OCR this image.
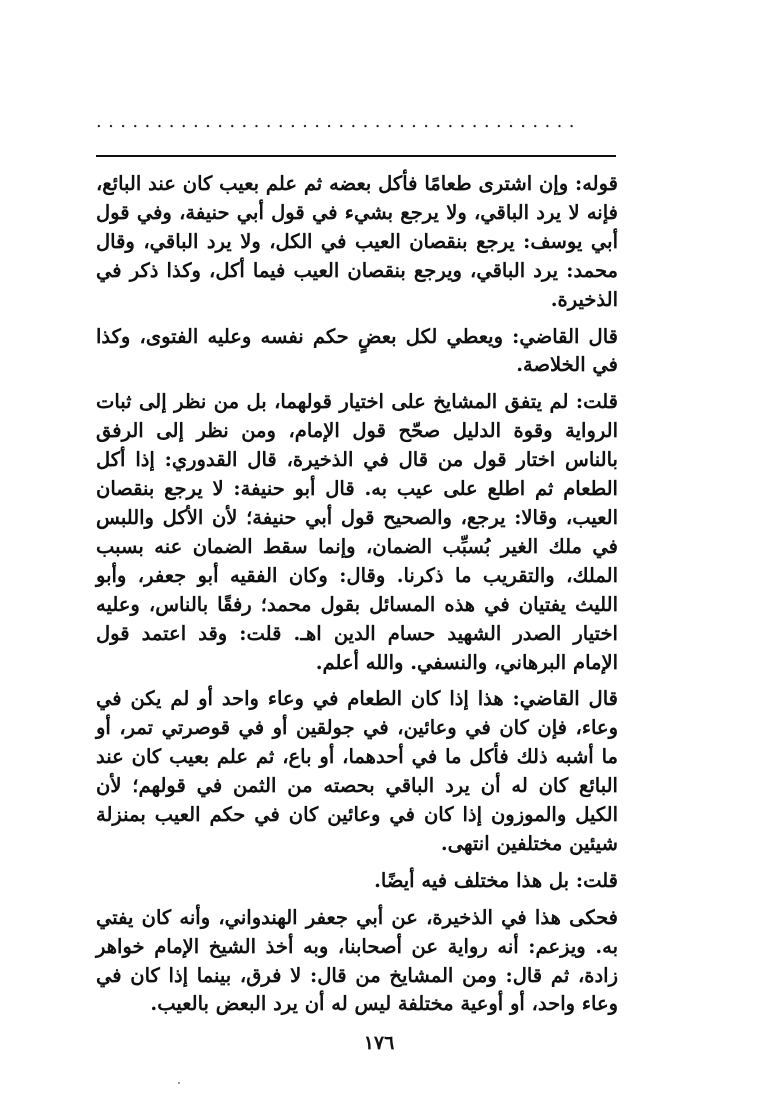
........................................

قوله: وإن اشترى طعامًا فأكل بعضه ثم علم بعيب كان عند البائع، فإنه لا يرد الباقي، ولا يرجع بشيء في قول أبي حنيفة، وفي قول أبي يوسف: يرجع بنقصان العيب في الكل، ولا يرد الباقي، وقال محمد: يرد الباقي، ويرجع بنقصان العيب فيما أكل، وكذا ذكر في الذخيرة.

قال القاضي: ويعطي لكل بعضٍ حكم نفسه وعليه الفتوى، وكذا في الخلاصة.

قلت: لم يتفق المشايخ على اختيار قولهما، بل من نظر إلى ثبات الرواية وقوة الدليل صحّح قول الإمام، ومن نظر إلى الرفق بالناس اختار قول من قال في الذخيرة، قال القدوري: إذا أكل الطعام ثم اطلع على عيب به. قال أبو حنيفة: لا يرجع بنقصان العيب، وقالا: يرجع، والصحيح قول أبي حنيفة؛ لأن الأكل واللبس في ملك الغير بُسبِّب الضمان، وإنما سقط الضمان عنه بسبب الملك، والتقريب ما ذكرنا. وقال: وكان الفقيه أبو جعفر، وأبو الليث يفتيان في هذه المسائل بقول محمد؛ رفقًا بالناس، وعليه اختيار الصدر الشهيد حسام الدين اهـ. قلت: وقد اعتمد قول الإمام البرهاني، والنسفي. والله أعلم.

قال القاضي: هذا إذا كان الطعام في وعاء واحد أو لم يكن في وعاء، فإن كان في وعائين، في جولقين أو في قوصرتي تمر، أو ما أشبه ذلك فأكل ما في أحدهما، أو باع، ثم علم بعيب كان عند البائع كان له أن يرد الباقي بحصته من الثمن في قولهم؛ لأن الكيل والموزون إذا كان في وعائين كان في حكم العيب بمنزلة شيئين مختلفين انتهى.

قلت: بل هذا مختلف فيه أيضًا.

فحكى هذا في الذخيرة، عن أبي جعفر الهندواني، وأنه كان يفتي به. ويزعم: أنه رواية عن أصحابنا، وبه أخذ الشيخ الإمام خواهر زادة، ثم قال: ومن المشايخ من قال: لا فرق، بينما إذا كان في وعاء واحد، أو أوعية مختلفة ليس له أن يرد البعض بالعيب.

١٧٦
